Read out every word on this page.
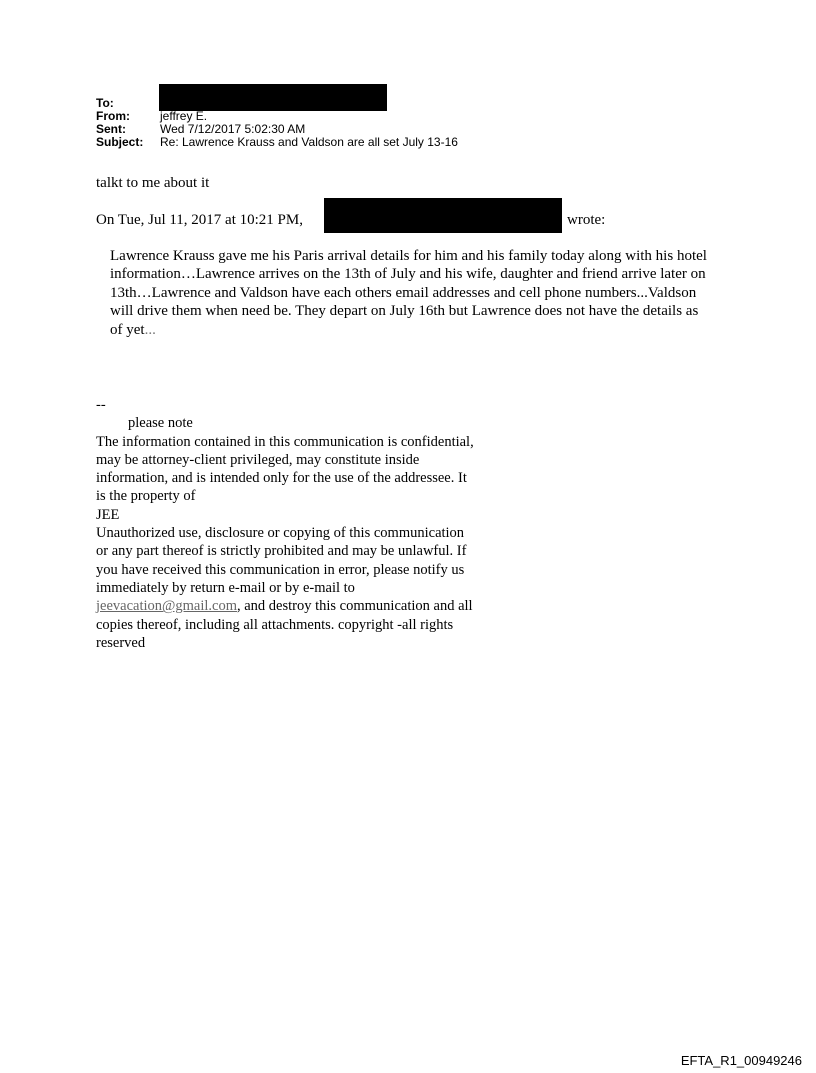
To:
From:	jeffrey E.
Sent:	Wed 7/12/2017 5:02:30 AM
Subject:	Re: Lawrence Krauss and Valdson are all set July 13-16
talkt to me about it
On Tue, Jul 11, 2017 at 10:21 PM,	wrote:
Lawrence Krauss gave me his Paris arrival details for him and his family today along with his hotel information…Lawrence arrives on the 13th of July and his wife, daughter and friend arrive later on 13th…Lawrence and Valdson have each others email addresses and cell phone numbers...Valdson will drive them when need be. They depart on July 16th but Lawrence does not have the details as of yet...
--
please note
The information contained in this communication is confidential, may be attorney-client privileged, may constitute inside information, and is intended only for the use of the addressee. It is the property of
JEE
Unauthorized use, disclosure or copying of this communication or any part thereof is strictly prohibited and may be unlawful. If you have received this communication in error, please notify us immediately by return e-mail or by e-mail to jeevacation@gmail.com, and destroy this communication and all copies thereof, including all attachments. copyright -all rights reserved
EFTA_R1_00949246
